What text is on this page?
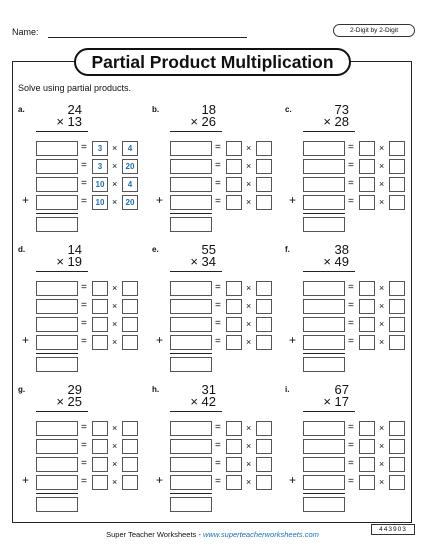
Name:	2-Digit by 2-Digit
Partial Product Multiplication
Solve using partial products.
a.	24
× 13
=	3	×	4
=	3	×	20
=	10 ×	4
+	=	10 ×	20
b.	18
× 26
=	×
=	×
=	×
+	=	×
c.	73
× 28
=	×
=	×
=	×
+	=	×
d.	14
× 19
=	×
=	×
=	×
+	=	×
e.	55
× 34
=	×
=	×
=	×
+	=	×
f.	38
× 49
=	×
=	×
=	×
+	=	×
g.	29
× 25
=	×
=	×
=	×
+	=	×
h.	31
× 42
=	×
=	×
=	×
+	=	×
i.	67
× 17
=	×
=	×
=	×
+	=	×
Super Teacher Worksheets - www.superteacherworksheets.com
443903
